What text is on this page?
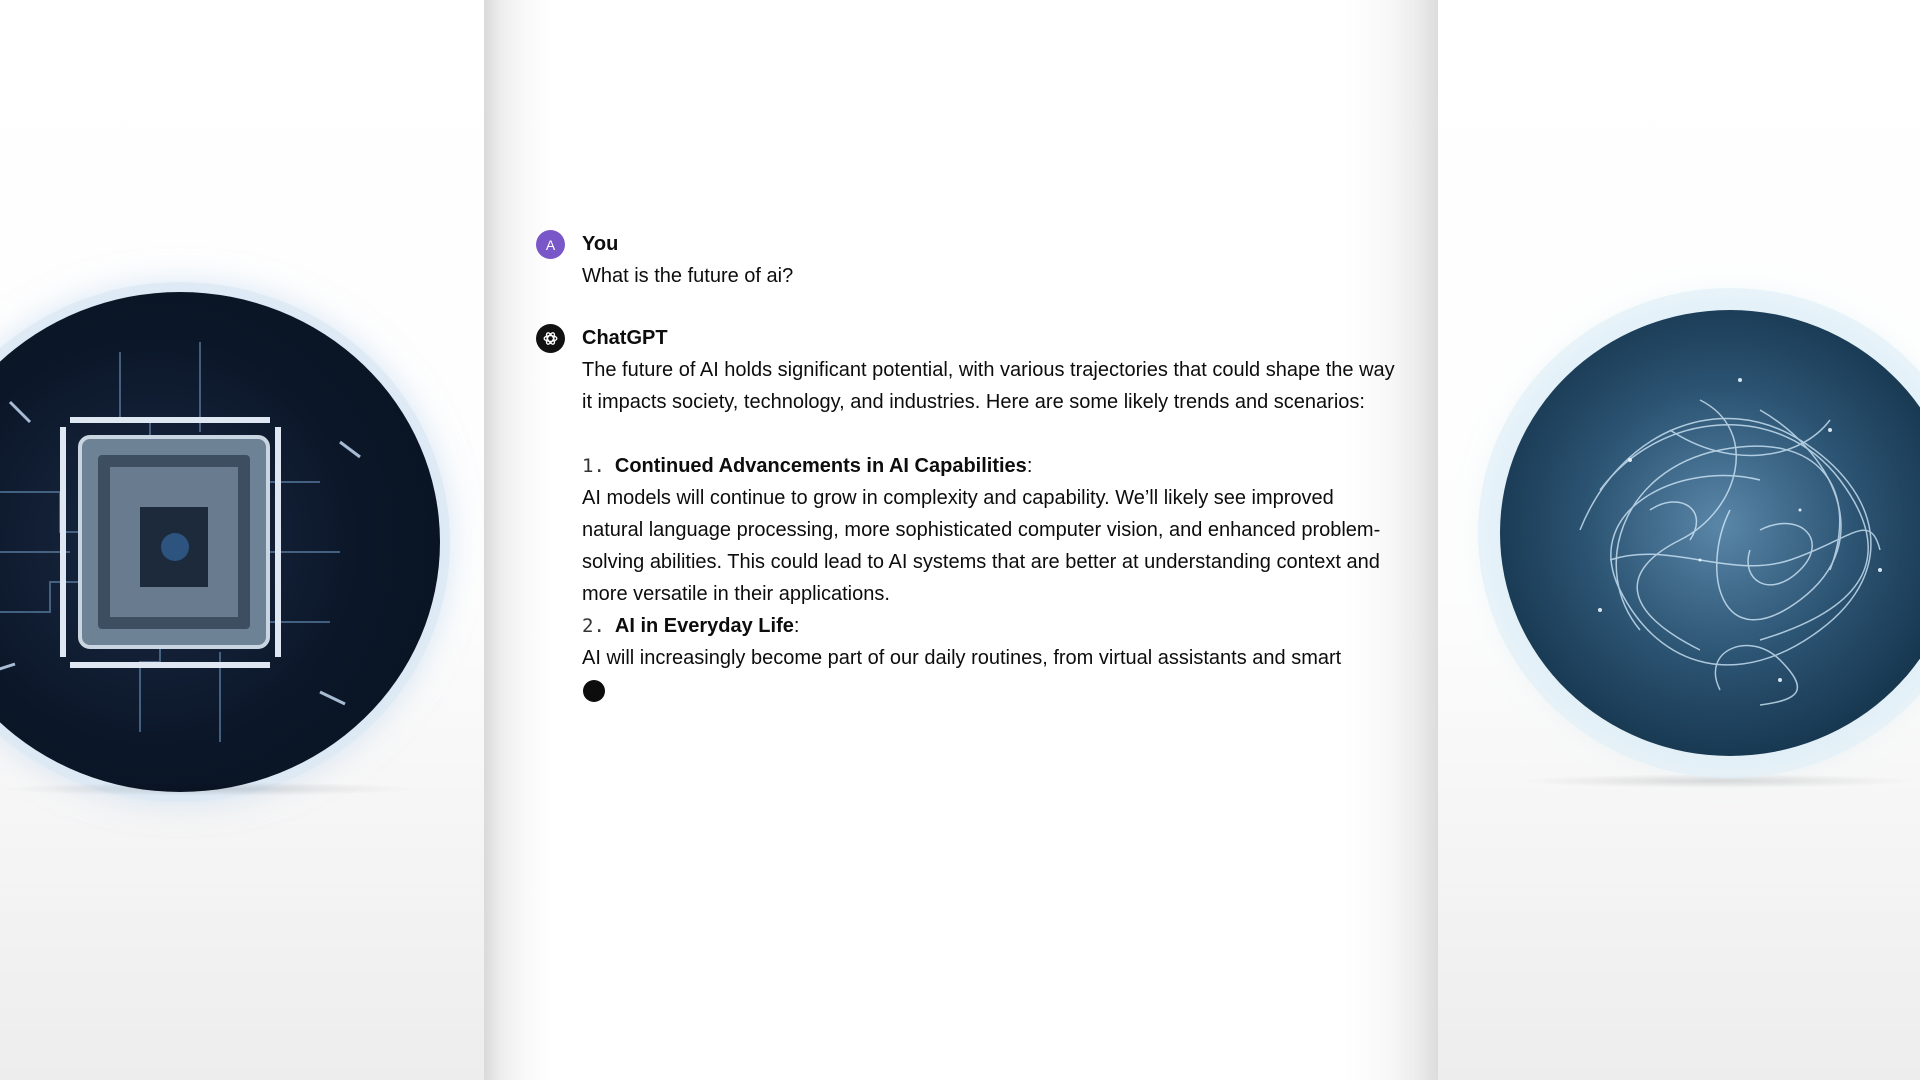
A You
What is the future of ai?
ChatGPT

The future of AI holds significant potential, with various trajectories that could shape the way it impacts society, technology, and industries. Here are some likely trends and scenarios:

1. Continued Advancements in AI Capabilities:

AI models will continue to grow in complexity and capability. We’ll likely see improved natural language processing, more sophisticated computer vision, and enhanced problem-solving abilities. This could lead to AI systems that are better at understanding context and more versatile in their applications.

2. AI in Everyday Life:

AI will increasingly become part of our daily routines, from virtual assistants and smart
